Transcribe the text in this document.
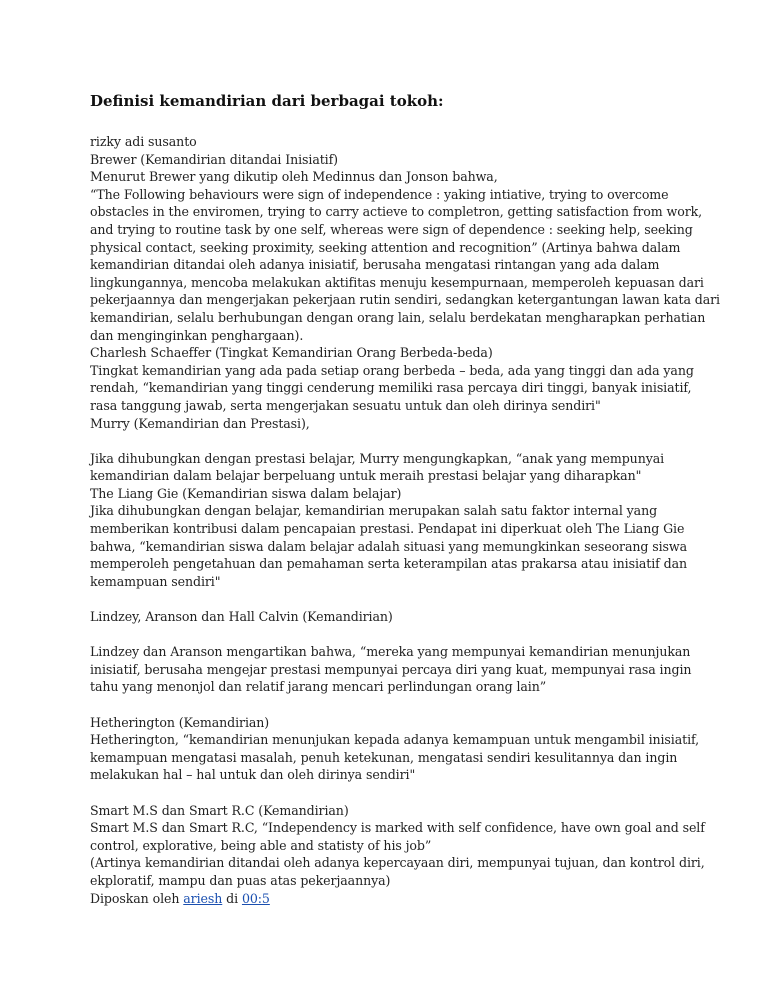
Definisi kemandirian dari berbagai tokoh:
rizky adi susanto
Brewer (Kemandirian ditandai Inisiatif)
Menurut Brewer yang dikutip oleh Medinnus dan Jonson bahwa,
“The Following behaviours were sign of independence : yaking intiative, trying to overcome
obstacles in the enviromen, trying to carry actieve to completron, getting satisfaction from work,
and trying to routine task by one self, whereas were sign of dependence : seeking help, seeking
physical contact, seeking proximity, seeking attention and recognition” (Artinya bahwa dalam
kemandirian ditandai oleh adanya inisiatif, berusaha mengatasi rintangan yang ada dalam
lingkungannya, mencoba melakukan aktifitas menuju kesempurnaan, memperoleh kepuasan dari
pekerjaannya dan mengerjakan pekerjaan rutin sendiri, sedangkan ketergantungan lawan kata dari
kemandirian, selalu berhubungan dengan orang lain, selalu berdekatan mengharapkan perhatian
dan menginginkan penghargaan).
Charlesh Schaeffer (Tingkat Kemandirian Orang Berbeda-beda)
Tingkat kemandirian yang ada pada setiap orang berbeda – beda, ada yang tinggi dan ada yang
rendah, “kemandirian yang tinggi cenderung memiliki rasa percaya diri tinggi, banyak inisiatif,
rasa tanggung jawab, serta mengerjakan sesuatu untuk dan oleh dirinya sendiri"
Murry (Kemandirian dan Prestasi),
Jika dihubungkan dengan prestasi belajar, Murry mengungkapkan, “anak yang mempunyai
kemandirian dalam belajar berpeluang untuk meraih prestasi belajar yang diharapkan"
The Liang Gie (Kemandirian siswa dalam belajar)
Jika dihubungkan dengan belajar, kemandirian merupakan salah satu faktor internal yang
memberikan kontribusi dalam pencapaian prestasi. Pendapat ini diperkuat oleh The Liang Gie
bahwa, “kemandirian siswa dalam belajar adalah situasi yang memungkinkan seseorang siswa
memperoleh pengetahuan dan pemahaman serta keterampilan atas prakarsa atau inisiatif dan
kemampuan sendiri"
Lindzey, Aranson dan Hall Calvin (Kemandirian)
Lindzey dan Aranson mengartikan bahwa, “mereka yang mempunyai kemandirian menunjukan
inisiatif, berusaha mengejar prestasi mempunyai percaya diri yang kuat, mempunyai rasa ingin
tahu yang menonjol dan relatif jarang mencari perlindungan orang lain”
Hetherington (Kemandirian)
Hetherington, “kemandirian menunjukan kepada adanya kemampuan untuk mengambil inisiatif,
kemampuan mengatasi masalah, penuh ketekunan, mengatasi sendiri kesulitannya dan ingin
melakukan hal – hal untuk dan oleh dirinya sendiri"
Smart M.S dan Smart R.C (Kemandirian)
Smart M.S dan Smart R.C, “Independency is marked with self confidence, have own goal and self
control, explorative, being able and statisty of his job”
(Artinya kemandirian ditandai oleh adanya kepercayaan diri, mempunyai tujuan, dan kontrol diri,
ekploratif, mampu dan puas atas pekerjaannya)
Diposkan oleh ariesh di 00:5
